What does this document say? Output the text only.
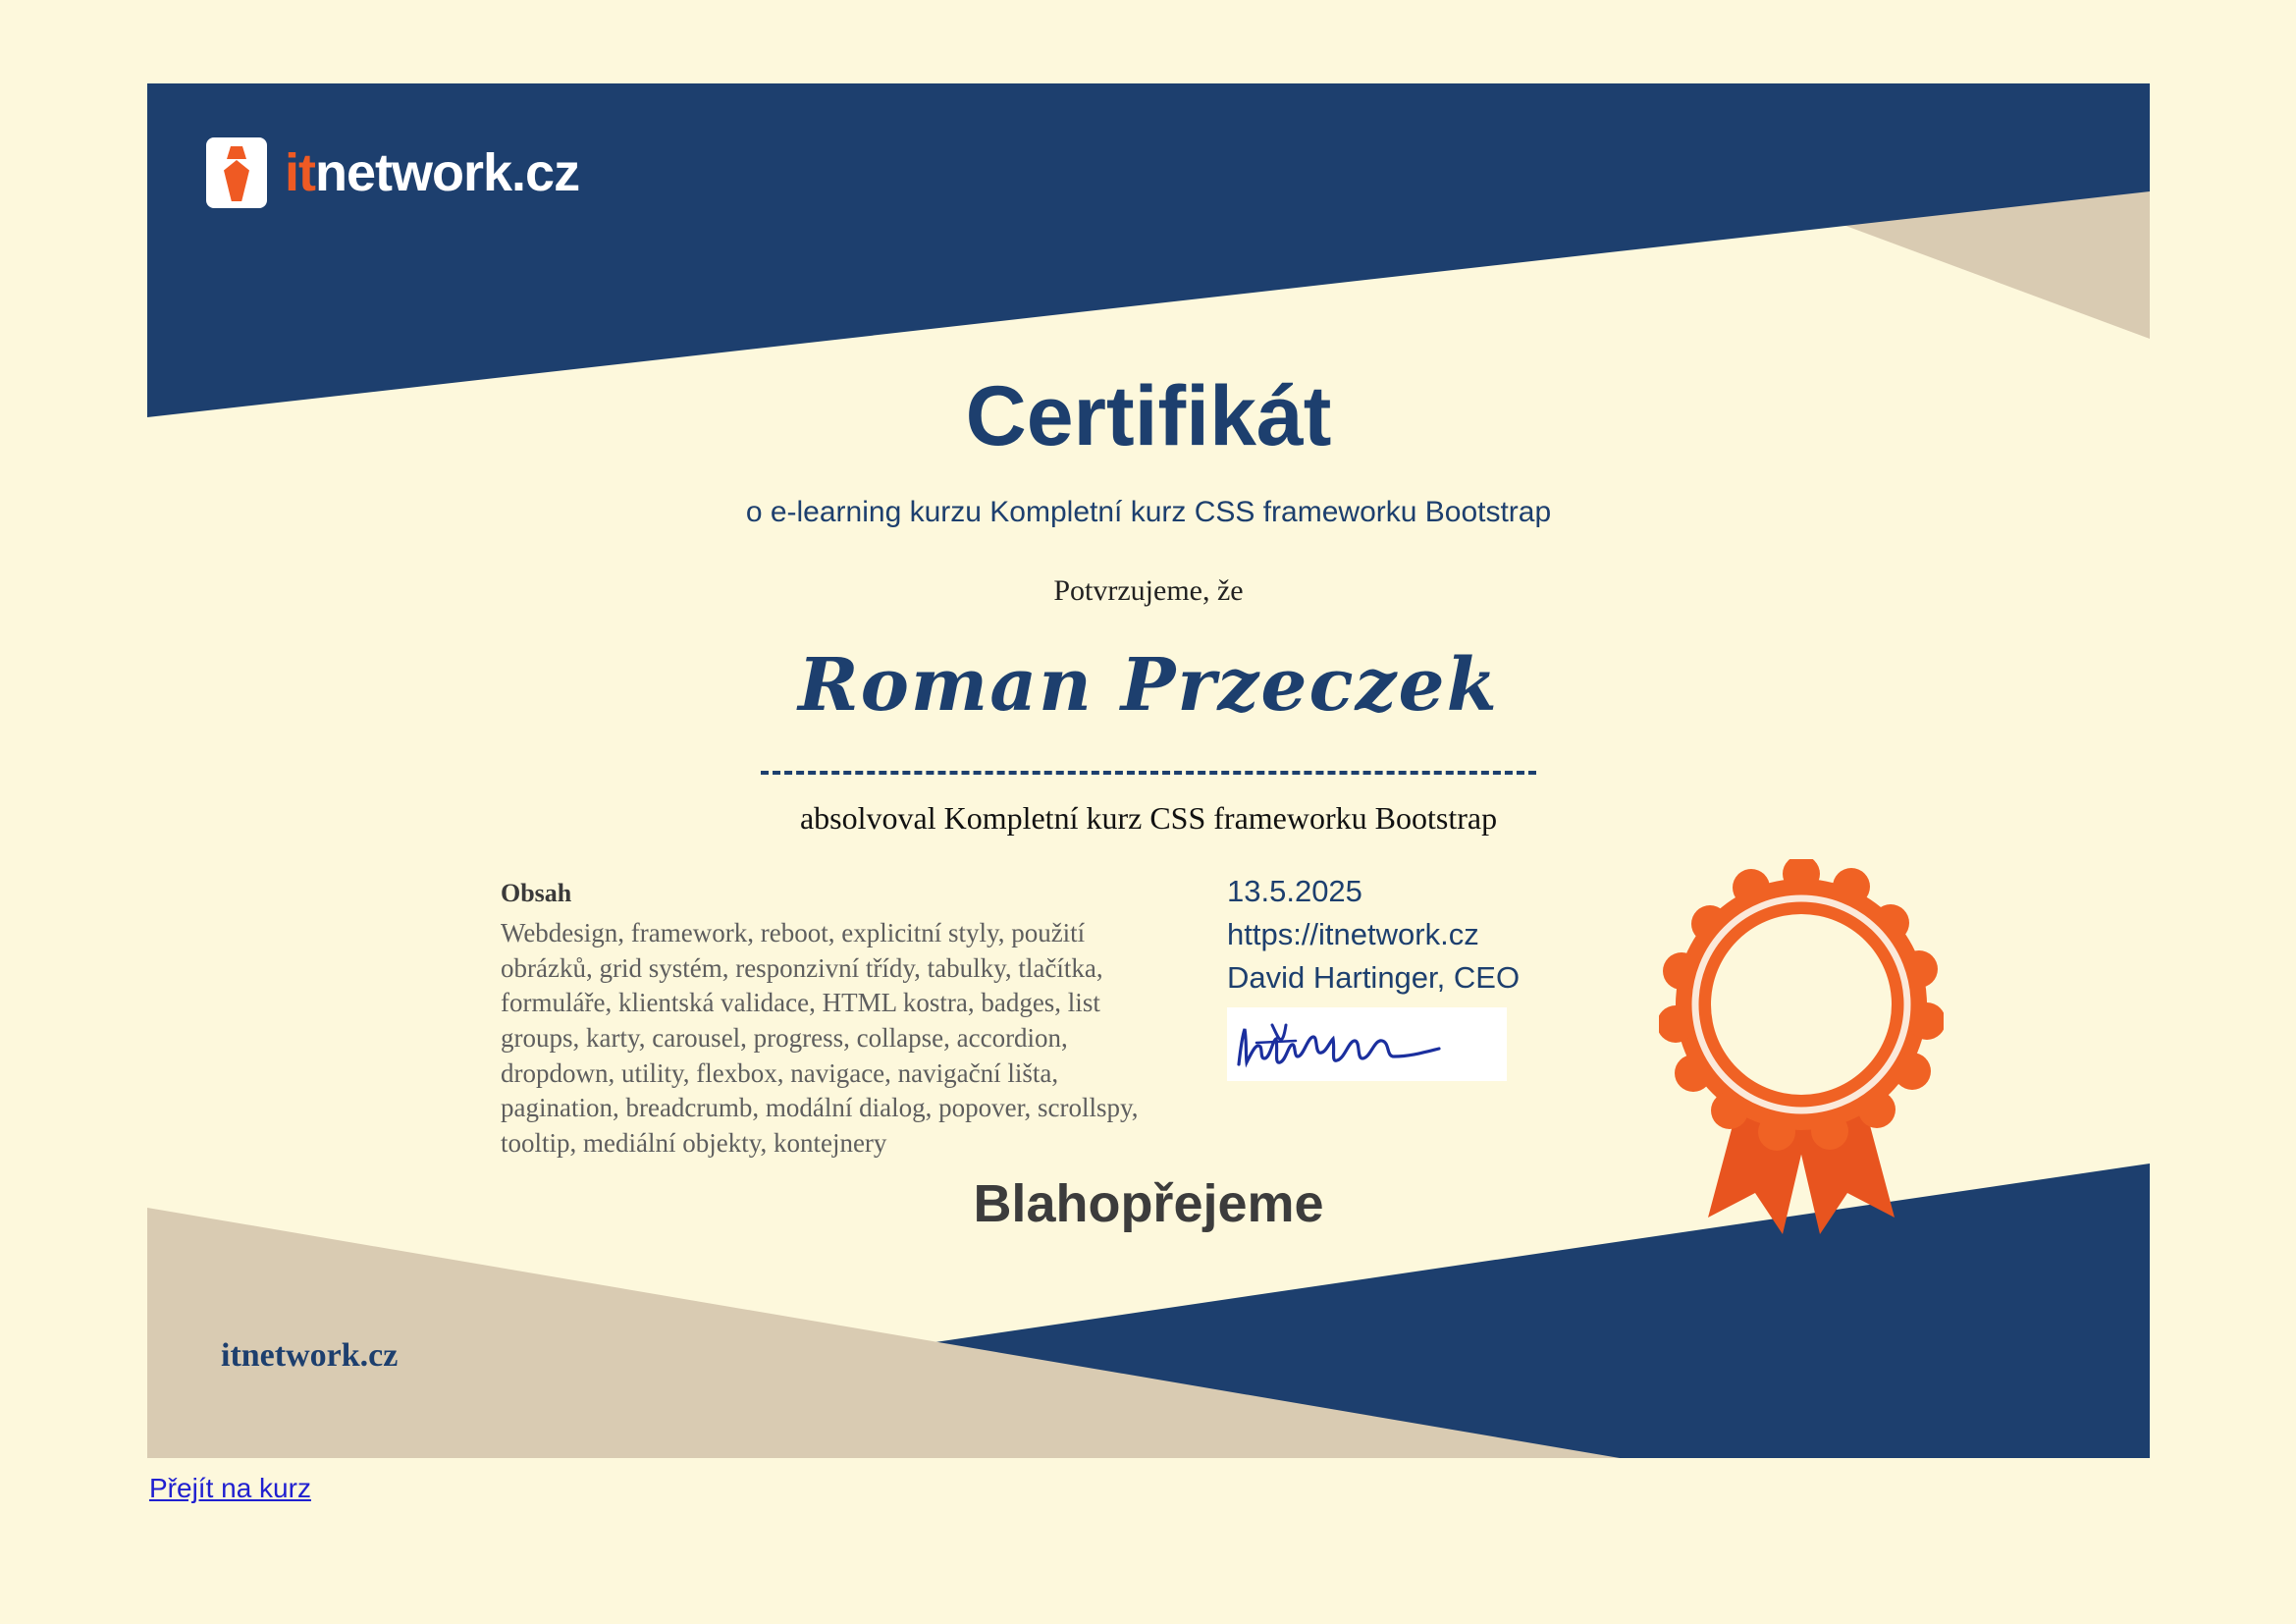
itnetwork.cz
Certifikát
o e-learning kurzu Kompletní kurz CSS frameworku Bootstrap
Potvrzujeme, že
Roman Przeczek
absolvoval Kompletní kurz CSS frameworku Bootstrap
Obsah
Webdesign, framework, reboot, explicitní styly, použití obrázků, grid systém, responzivní třídy, tabulky, tlačítka, formuláře, klientská validace, HTML kostra, badges, list groups, karty, carousel, progress, collapse, accordion, dropdown, utility, flexbox, navigace, navigační lišta, pagination, breadcrumb, modální dialog, popover, scrollspy, tooltip, mediální objekty, kontejnery
13.5.2025
https://itnetwork.cz
David Hartinger, CEO
Blahopřejeme
itnetwork.cz
Přejít na kurz
